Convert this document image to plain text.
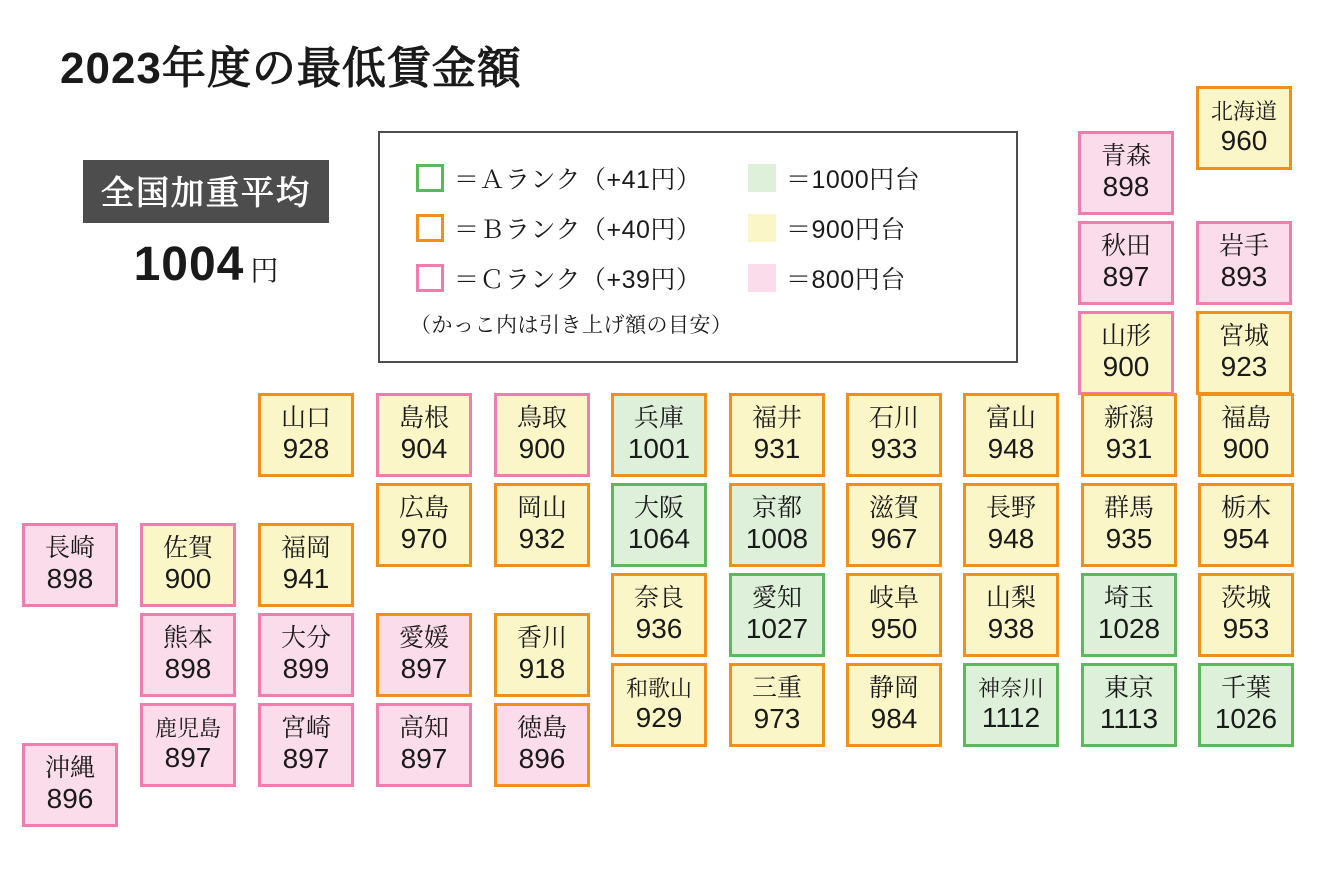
2023年度の最低賃金額
全国加重平均
1004 円
＝Ａランク（+41円）
＝Ｂランク（+40円）
＝Ｃランク（+39円）
＝1000円台
＝900円台
＝800円台
（かっこ内は引き上げ額の目安）
北海道
960
青森
898
秋田
897
岩手
893
山形
900
宮城
923
山口
928
島根
904
鳥取
900
兵庫
1001
福井
931
石川
933
富山
948
新潟
931
福島
900
広島
970
岡山
932
大阪
1064
京都
1008
滋賀
967
長野
948
群馬
935
栃木
954
長崎
898
佐賀
900
福岡
941
奈良
936
愛知
1027
岐阜
950
山梨
938
埼玉
1028
茨城
953
熊本
898
大分
899
愛媛
897
香川
918
和歌山
929
三重
973
静岡
984
神奈川
1112
東京
1113
千葉
1026
鹿児島
897
宮崎
897
高知
897
徳島
896
沖縄
896
